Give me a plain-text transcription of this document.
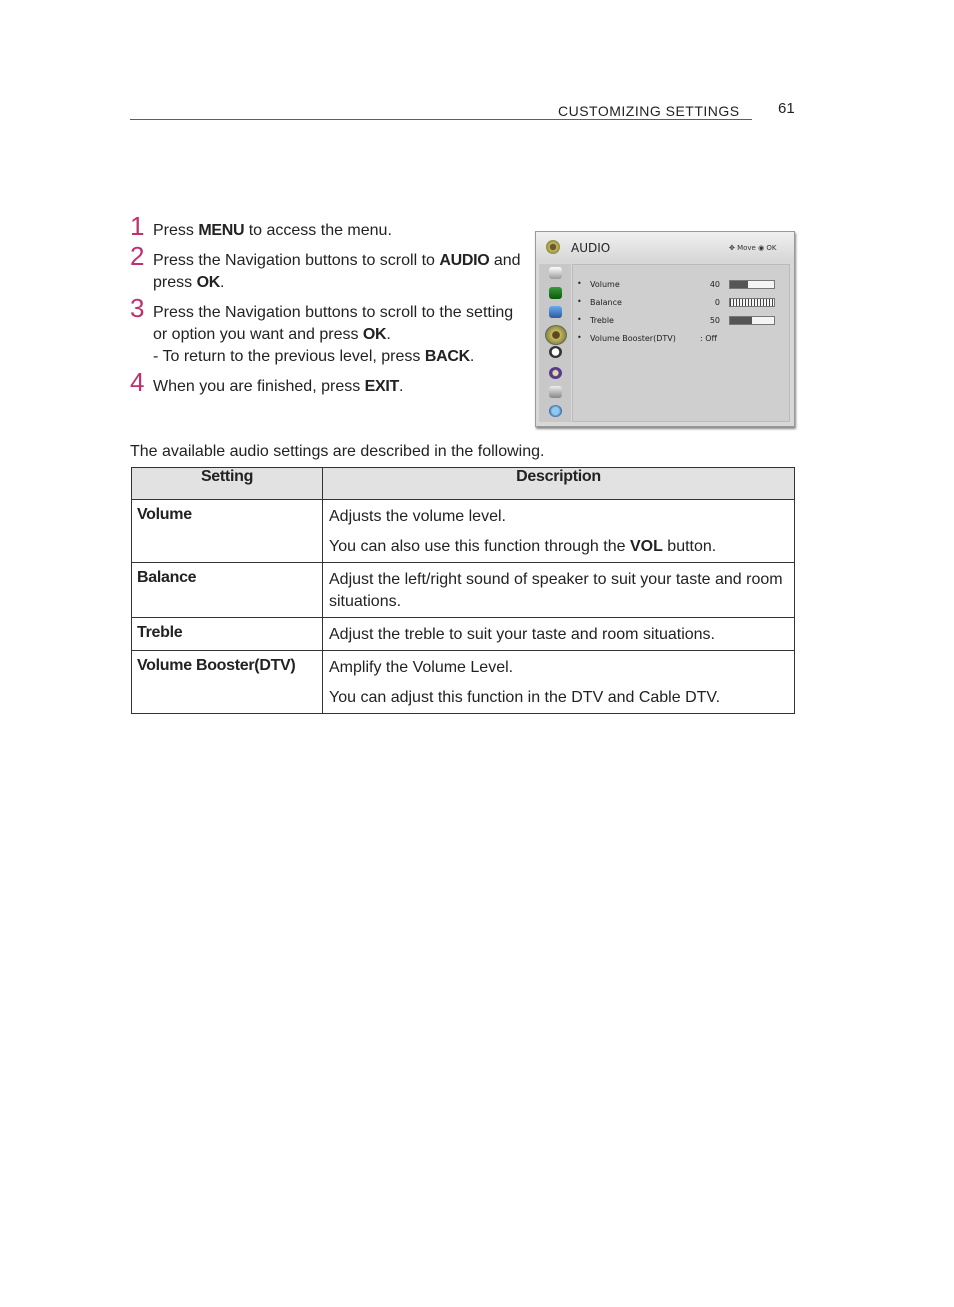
CUSTOMIZING SETTINGS	61
1 Press MENU to access the menu.
2 Press the Navigation buttons to scroll to AUDIO and press OK.
3 Press the Navigation buttons to scroll to the setting or option you want and press OK.
- To return to the previous level, press BACK.
4 When you are finished, press EXIT.
AUDIO	✥ Move ◉ OK
• Volume	40
• Balance	0
• Treble	50
• Volume Booster(DTV)	: Off
The available audio settings are described in the following.
Setting	Description
Volume	Adjusts the volume level.
You can also use this function through the VOL button.

Balance	Adjust the left/right sound of speaker to suit your taste and room situations.

Treble	Adjust the treble to suit your taste and room situations.

Volume Booster(DTV)	Amplify the Volume Level.
You can adjust this function in the DTV and Cable DTV.
